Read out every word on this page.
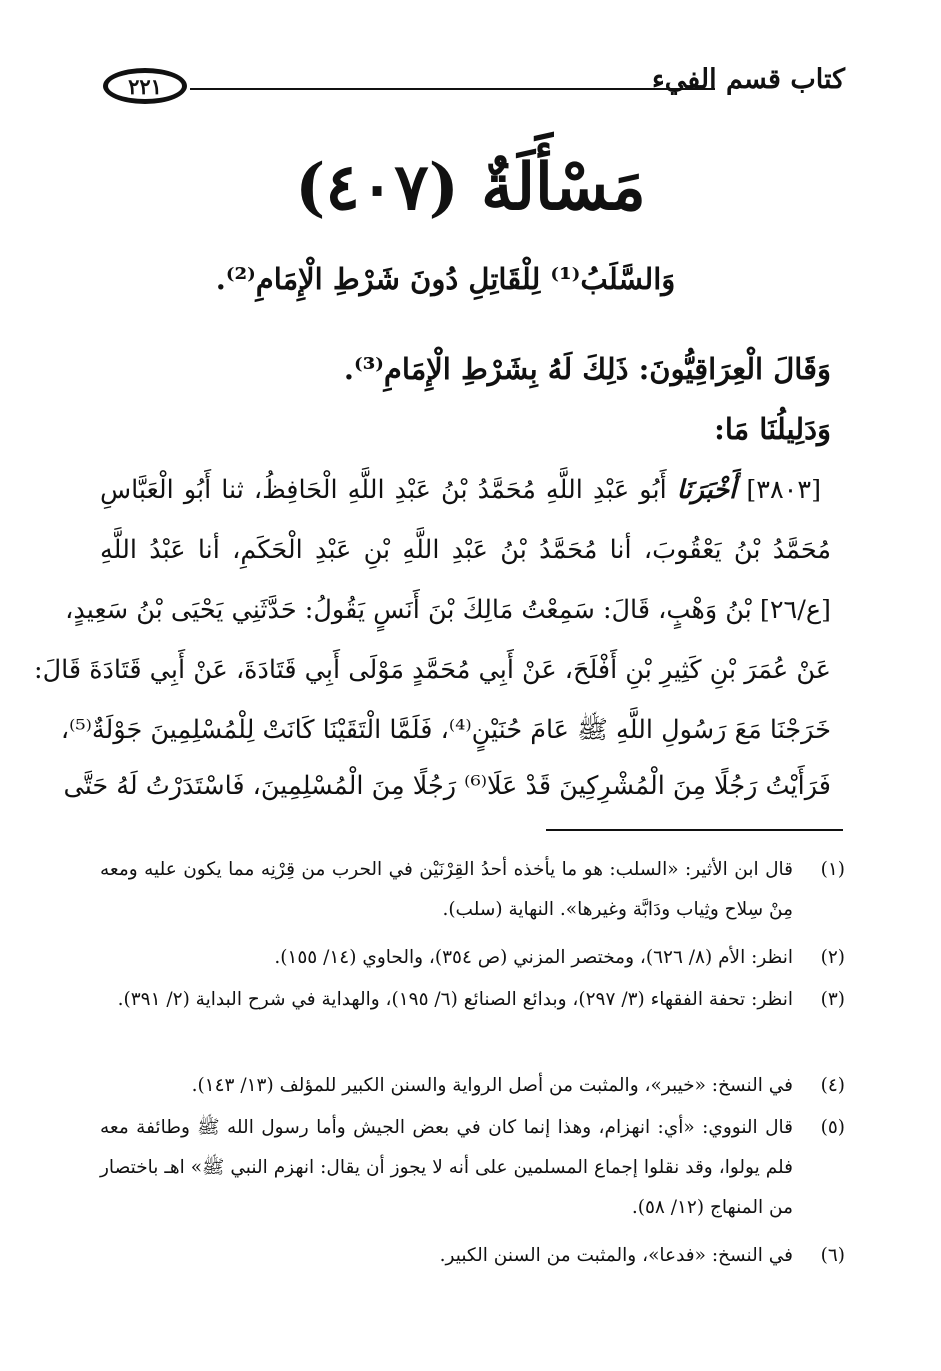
كتاب قسم الفيء
٢٢١
مَسْأَلَةٌ (٤٠٧)
وَالسَّلَبُ⁽¹⁾ لِلْقَاتِلِ دُونَ شَرْطِ الْإِمَامِ⁽²⁾.
وَقَالَ الْعِرَاقِيُّونَ: ذَلِكَ لَهُ بِشَرْطِ الْإِمَامِ⁽³⁾.
وَدَلِيلُنَا مَا:
[٣٨٠٣] أَخْبَرَنَا أَبُو عَبْدِ اللَّهِ مُحَمَّدُ بْنُ عَبْدِ اللَّهِ الْحَافِظُ، ثنا أَبُو الْعَبَّاسِ
مُحَمَّدُ بْنُ يَعْقُوبَ، أنا مُحَمَّدُ بْنُ عَبْدِ اللَّهِ بْنِ عَبْدِ الْحَكَمِ، أنا عَبْدُ اللَّهِ
[ع/٢٦] بْنُ وَهْبٍ، قَالَ: سَمِعْتُ مَالِكَ بْنَ أَنَسٍ يَقُولُ: حَدَّثَنِي يَحْيَى بْنُ سَعِيدٍ،
عَنْ عُمَرَ بْنِ كَثِيرِ بْنِ أَفْلَحَ، عَنْ أَبِي مُحَمَّدٍ مَوْلَى أَبِي قَتَادَةَ، عَنْ أَبِي قَتَادَةَ قَالَ:
خَرَجْنَا مَعَ رَسُولِ اللَّهِ ﷺ عَامَ حُنَيْنٍ⁽⁴⁾، فَلَمَّا الْتَقَيْنَا كَانَتْ لِلْمُسْلِمِينَ جَوْلَةٌ⁽⁵⁾،
فَرَأَيْتُ رَجُلًا مِنَ الْمُشْرِكِينَ قَدْ عَلَا⁽⁶⁾ رَجُلًا مِنَ الْمُسْلِمِينَ، فَاسْتَدَرْتُ لَهُ حَتَّى
(١)
قال ابن الأثير: «السلب: هو ما يأخذه أحدُ القِرْنَيْن في الحرب من قِرْنِه مما يكون عليه ومعه مِنْ سِلاح وثِياب ودَابَّة وغيرها». النهاية (سلب).
(٢)
انظر: الأم (٨/ ٦٢٦)، ومختصر المزني (ص ٣٥٤)، والحاوي (١٤/ ١٥٥).
(٣)
انظر: تحفة الفقهاء (٣/ ٢٩٧)، وبدائع الصنائع (٦/ ١٩٥)، والهداية في شرح البداية (٢/ ٣٩١).
(٤)
في النسخ: «خيبر»، والمثبت من أصل الرواية والسنن الكبير للمؤلف (١٣/ ١٤٣).
(٥)
قال النووي: «أي: انهزام، وهذا إنما كان في بعض الجيش وأما رسول الله ﷺ وطائفة معه فلم يولوا، وقد نقلوا إجماع المسلمين على أنه لا يجوز أن يقال: انهزم النبي ﷺ» اهـ باختصار من المنهاج (١٢/ ٥٨).
(٦)
في النسخ: «فدعا»، والمثبت من السنن الكبير.
